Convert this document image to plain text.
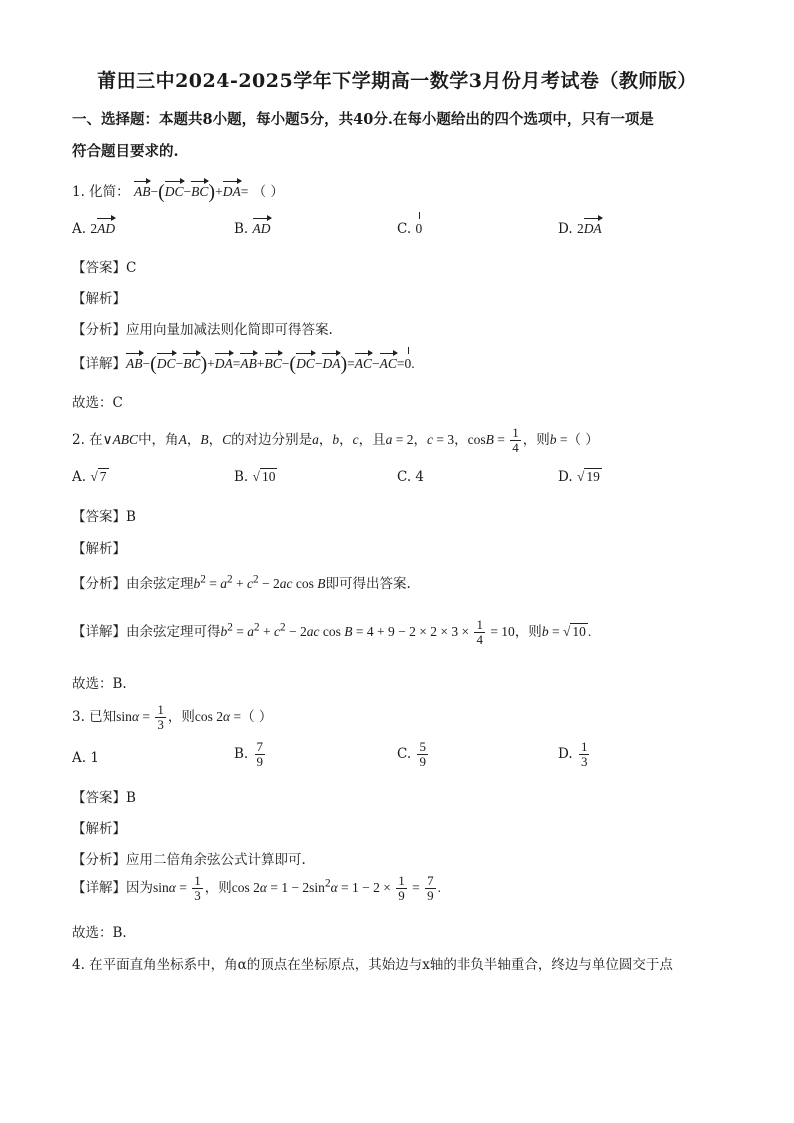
莆田三中2024-2025学年下学期高一数学3月份月考试卷（教师版）
一、选择题：本题共8小题，每小题5分，共40分.在每小题给出的四个选项中，只有一项是
符合题目要求的.
1. 化简： AB−(DC−BC)+DA= （ ）
A. 2AD	B. AD	C. 0	D. 2DA
【答案】C
【解析】
【分析】应用向量加减法则化简即可得答案.
【详解】AB−(DC−BC)+DA=AB+BC−(DC−DA)=AC−AC=0.
故选：C
2. 在∨ABC中，角A，B，C的对边分别是a，b，c，且a = 2，c = 3，$\cos B = \frac{1}{4}$ ，则b =（ ）
A. √ 7	B. √ 10	C. 4	D. √ 19
【答案】B
【解析】
【分析】由余弦定理$b^2 = a^2 + c^2 - 2ac$ cos B即可得出答案.
【详解】由余弦定理可得$b^2 = a^2 + c^2 - 2ac$ $\cos B = 4 + 9 - 2 \times 2 \times 3 \times \frac{1}{4} = 10$，则b = √ 10 .
故选：B.
3. 已知$\sin\alpha = \frac{1}{3}$ ，则cos 2α =（ ）
A. 1	B. $\frac{7}{9}$	C. $\frac{5}{9}$	D. $\frac{1}{3}$
【答案】B
【解析】
【分析】应用二倍角余弦公式计算即可.
【详解】因为$\sin\alpha = \frac{1}{3}$ ，则$\cos 2\alpha = 1 - 2\sin^2\alpha = 1 - 2 \times \frac{1}{9} = \frac{7}{9}$ .
故选：B.
4. 在平面直角坐标系中，角α的顶点在坐标原点，其始边与x轴的非负半轴重合，终边与单位圆交于点
